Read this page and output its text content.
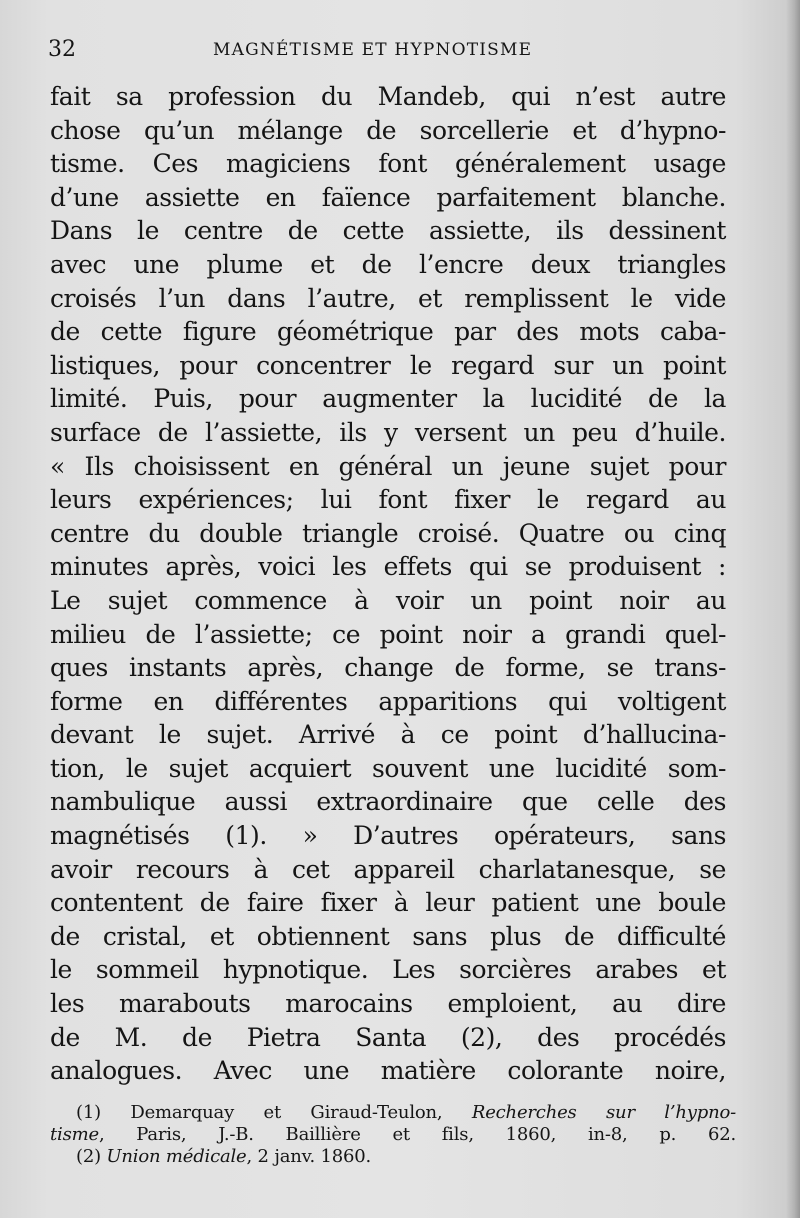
32	MAGNÉTISME ET HYPNOTISME
fait sa profession du Mandeb, qui n’est autre
chose qu’un mélange de sorcellerie et d’hypno-
tisme. Ces magiciens font généralement usage
d’une assiette en faïence parfaitement blanche.
Dans le centre de cette assiette, ils dessinent
avec une plume et de l’encre deux triangles
croisés l’un dans l’autre, et remplissent le vide
de cette figure géométrique par des mots caba-
listiques, pour concentrer le regard sur un point
limité. Puis, pour augmenter la lucidité de la
surface de l’assiette, ils y versent un peu d’huile.
« Ils choisissent en général un jeune sujet pour
leurs expériences; lui font fixer le regard au
centre du double triangle croisé. Quatre ou cinq
minutes après, voici les effets qui se produisent :
Le sujet commence à voir un point noir au
milieu de l’assiette; ce point noir a grandi quel-
ques instants après, change de forme, se trans-
forme en différentes apparitions qui voltigent
devant le sujet. Arrivé à ce point d’hallucina-
tion, le sujet acquiert souvent une lucidité som-
nambulique aussi extraordinaire que celle des
magnétisés (1). » D’autres opérateurs, sans
avoir recours à cet appareil charlatanesque, se
contentent de faire fixer à leur patient une boule
de cristal, et obtiennent sans plus de difficulté
le sommeil hypnotique. Les sorcières arabes et
les marabouts marocains emploient, au dire
de M. de Pietra Santa (2), des procédés
analogues. Avec une matière colorante noire,
(1) Demarquay et Giraud-Teulon, Recherches sur l’hypno-
tisme, Paris, J.-B. Baillière et fils, 1860, in-8, p. 62.
(2) Union médicale, 2 janv. 1860.
